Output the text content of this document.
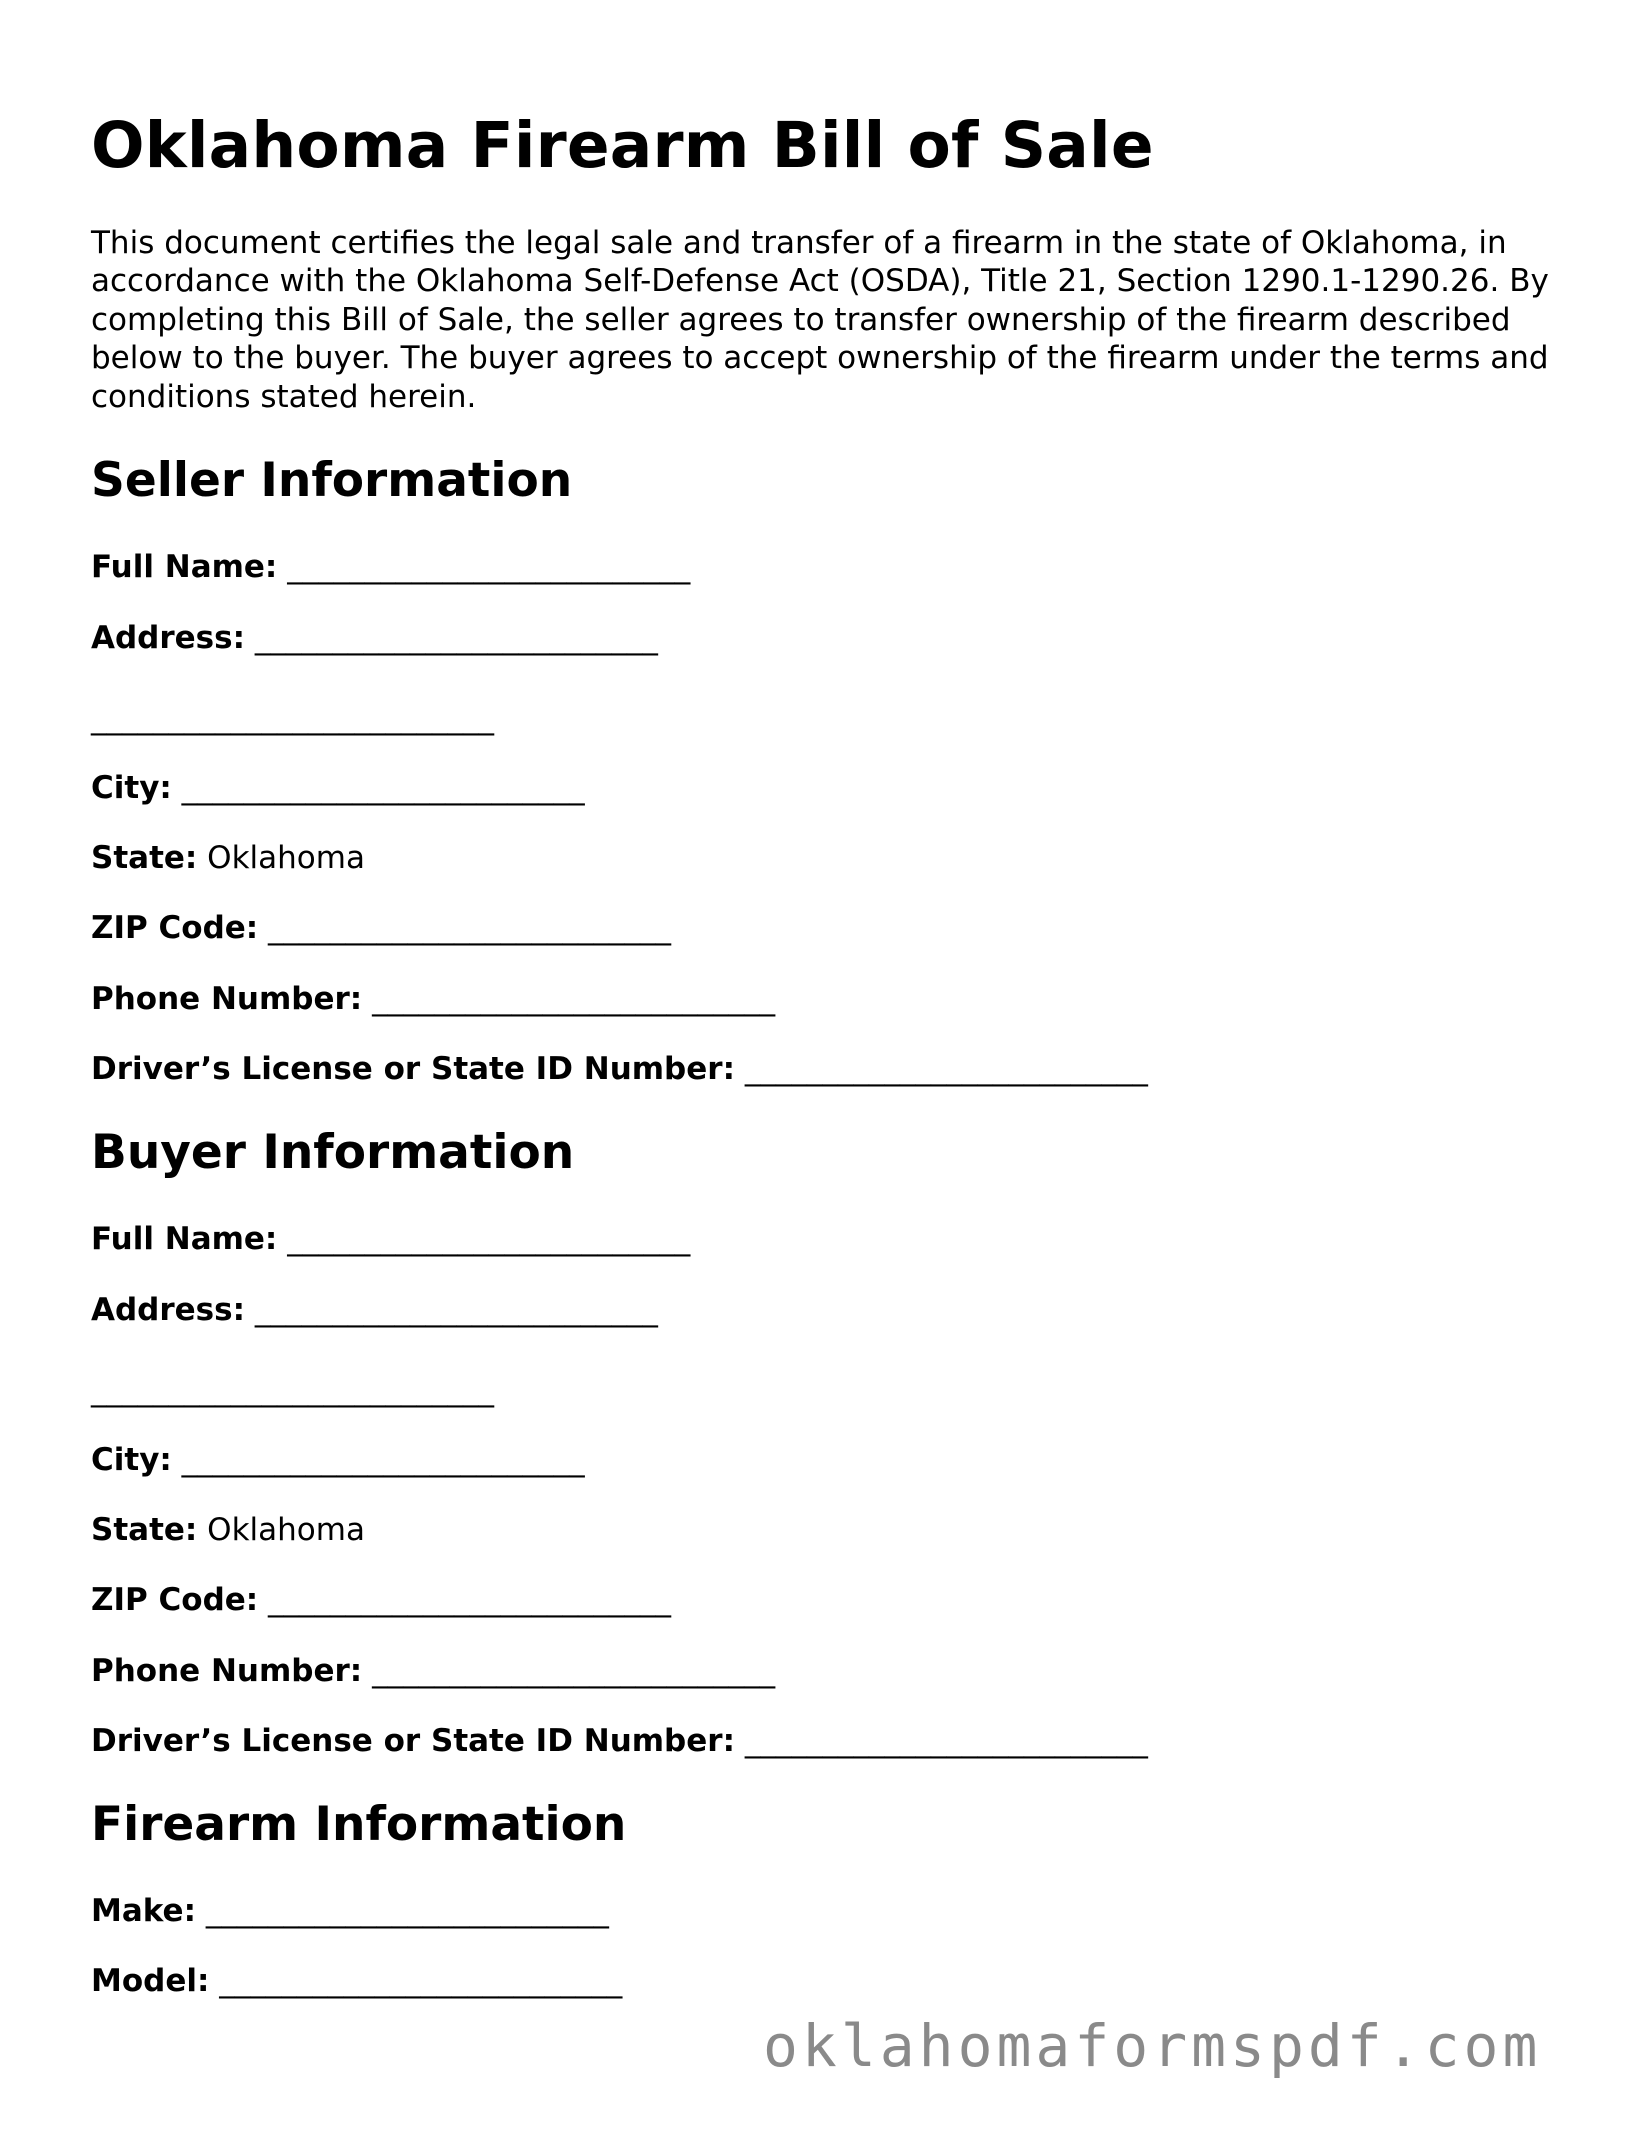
Oklahoma Firearm Bill of Sale

This document certifies the legal sale and transfer of a firearm in the state of Oklahoma, in accordance with the Oklahoma Self-Defense Act (OSDA), Title 21, Section 1290.1-1290.26. By completing this Bill of Sale, the seller agrees to transfer ownership of the firearm described below to the buyer. The buyer agrees to accept ownership of the firearm under the terms and conditions stated herein.

Seller Information
Full Name: __________________________
Address: __________________________
__________________________
City: __________________________
State: Oklahoma
ZIP Code: __________________________
Phone Number: __________________________
Driver’s License or State ID Number: __________________________
Buyer Information
Full Name: __________________________
Address: __________________________
__________________________
City: __________________________
State: Oklahoma
ZIP Code: __________________________
Phone Number: __________________________
Driver’s License or State ID Number: __________________________
Firearm Information
Make: __________________________
Model: __________________________
oklahomaformspdf.com
